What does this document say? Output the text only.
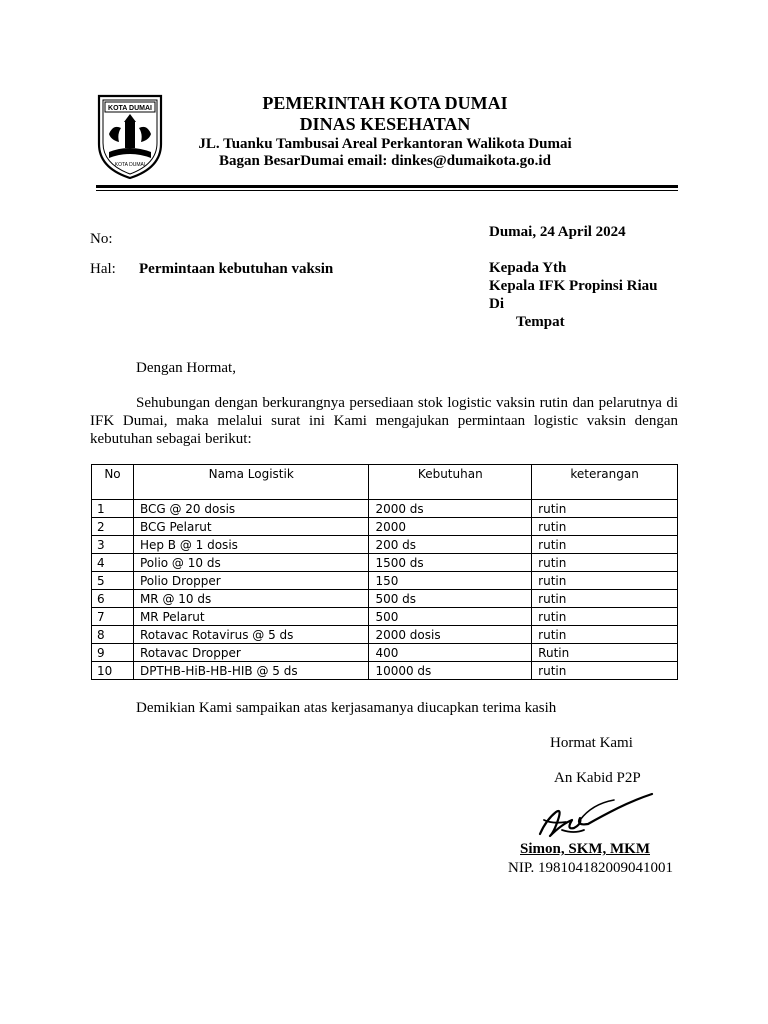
KOTA DUMAI
KOTA DUMAI
PEMERINTAH KOTA DUMAI
DINAS KESEHATAN
JL. Tuanku Tambusai Areal Perkantoran Walikota Dumai
Bagan BesarDumai email: dinkes@dumaikota.go.id
Dumai, 24 April 2024
No:
Hal: Permintaan kebutuhan vaksin	Kepada Yth
Kepala IFK Propinsi Riau
Di
Tempat
Dengan Hormat,
Sehubungan dengan berkurangnya persediaan stok logistic vaksin rutin dan pelarutnya di IFK Dumai, maka melalui surat ini Kami mengajukan permintaan logistic vaksin dengan kebutuhan sebagai berikut:
No	Nama Logistik	Kebutuhan	keterangan
1	BCG @ 20 dosis	2000 ds	rutin
2	BCG Pelarut	2000	rutin
3	Hep B @ 1 dosis	200 ds	rutin
4	Polio @ 10 ds	1500 ds	rutin
5	Polio Dropper	150	rutin
6	MR @ 10 ds	500 ds	rutin
7	MR Pelarut	500	rutin
8	Rotavac Rotavirus @ 5 ds	2000 dosis	rutin
9	Rotavac Dropper	400	Rutin
10	DPTHB-HiB-HB-HIB @ 5 ds	10000 ds	rutin
Demikian Kami sampaikan atas kerjasamanya diucapkan terima kasih
Hormat Kami
An Kabid P2P
Simon, SKM, MKM
NIP. 198104182009041001
